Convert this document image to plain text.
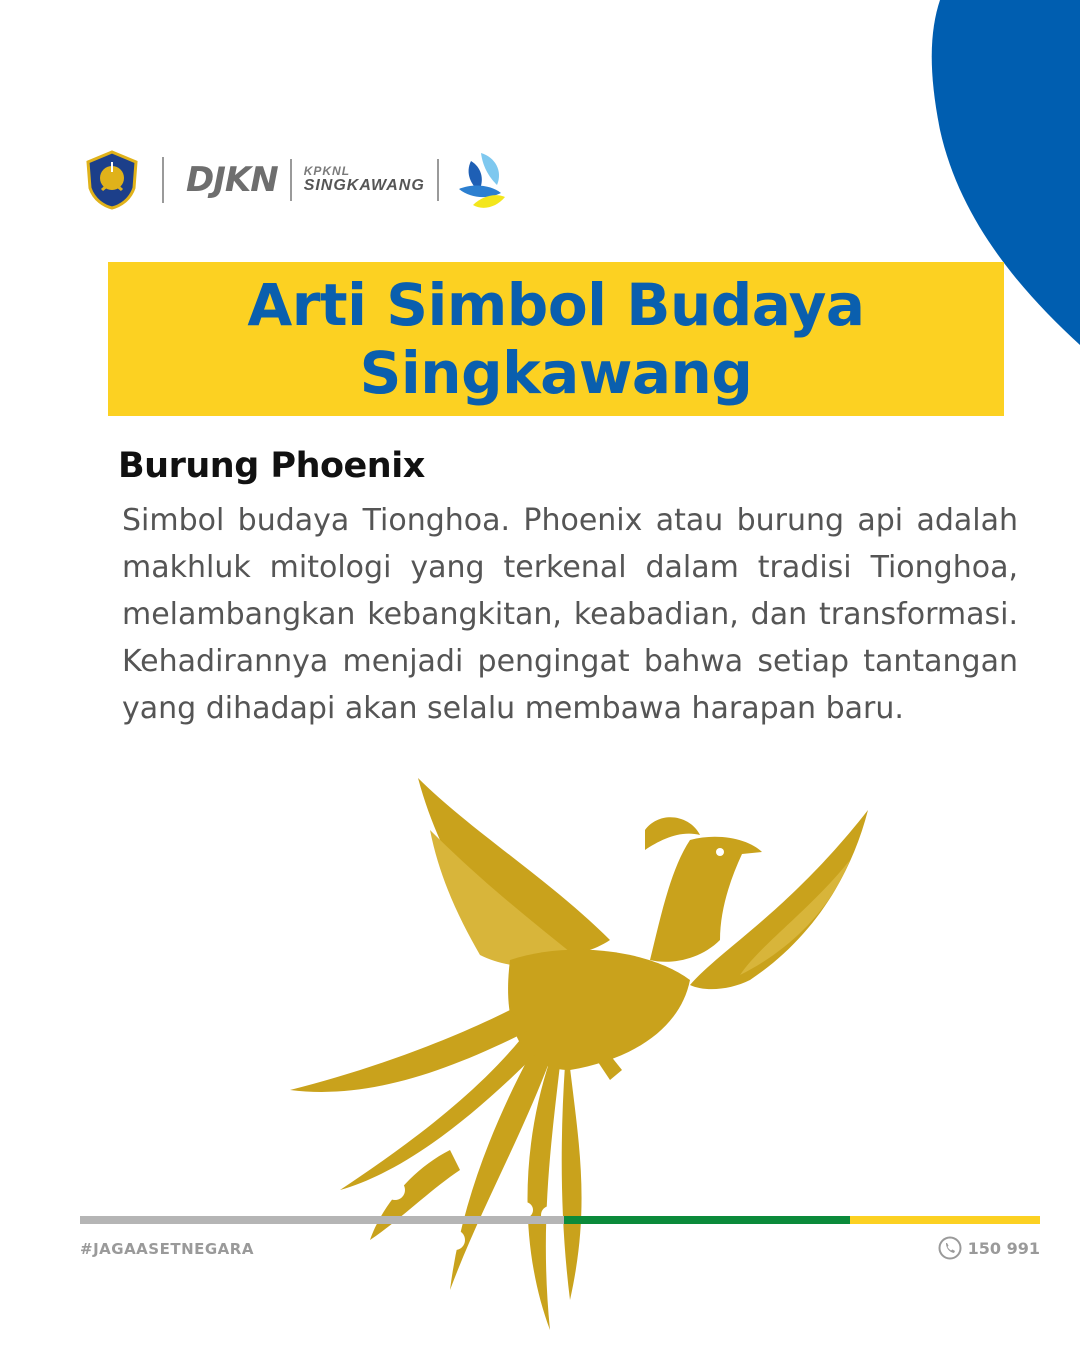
DJKN KPKNL
SINGKAWANG
Arti Simbol Budaya
Singkawang
Burung Phoenix

Simbol budaya Tionghoa. Phoenix atau burung api adalah makhluk mitologi yang terkenal dalam tradisi Tionghoa, melambangkan kebangkitan, keabadian, dan transformasi. Kehadirannya menjadi pengingat bahwa setiap tantangan yang dihadapi akan selalu membawa harapan baru.

#JAGAASETNEGARA	150 991
